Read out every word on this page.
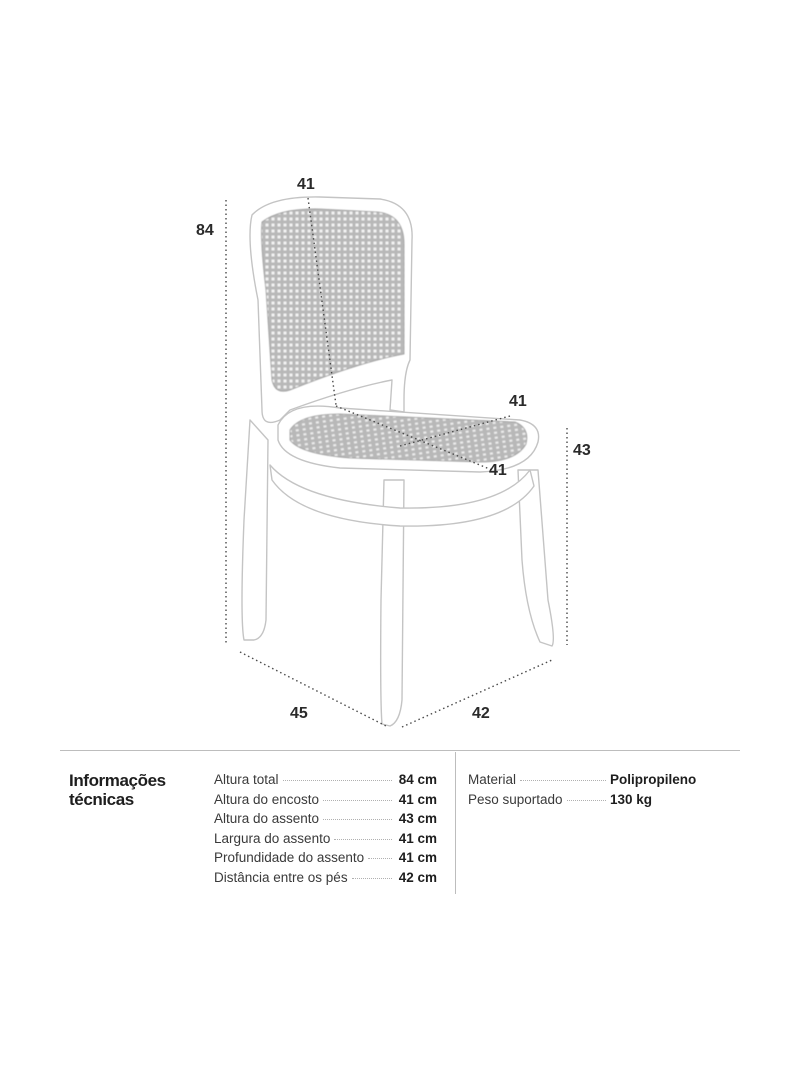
84
41
41
41
43
45	42
Informações técnicas
Altura total	84 cm
Altura do encosto	41 cm
Altura do assento	43 cm
Largura do assento	41 cm
Profundidade do assento	41 cm
Distância entre os pés	42 cm
Material	Polipropileno
Peso suportado	130 kg
